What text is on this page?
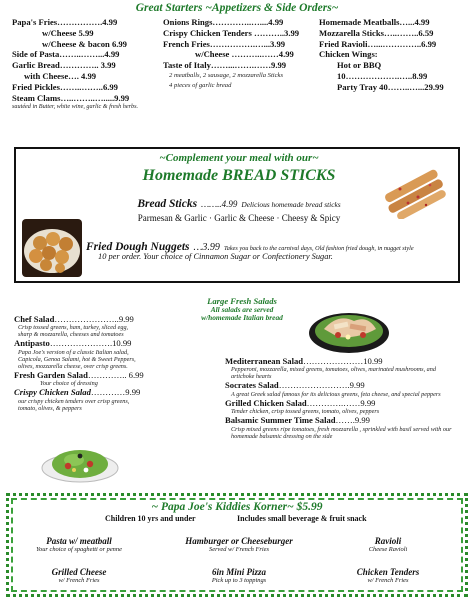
Great Starters ~Appetizers & Side Orders~
Papa's Fries…………….4.99
w/Cheese 5.99
w/Cheese & bacon 6.99
Side of Pasta……..……...4.99
Garlic Bread………….. 3.99
with Cheese…. 4.99
Fried Pickles……..……..6.99
Steam Clams…..……..….....9.99
sautéed in Butter, white wine, garlic & fresh herbs.
Onions Rings…………..…....4.99
Crispy Chicken Tenders ………..3.99
French Fries…………….…...3.99
w/Cheese ………..……4.99
Taste of Italy……...…….……9.99
2 meatballs, 2 sausage, 2 mozzarella Sticks
4 pieces of garlic bread
Homemade Meatballs…...4.99
Mozzarella Sticks…..……..6.59
Fried Ravioli…...…………..6.99
Chicken Wings:
Hot or BBQ
10……………….…..8.99
Party Tray 40……..…...29.99
~Complement your meal with our~
Homemade BREAD STICKS
Bread Sticks ……..4.99 Delicious homemade bread sticks
Parmesan & Garlic · Garlic & Cheese · Cheesy & Spicy
Fried Dough Nuggets …3.99 Takes you back to the carnival days, Old fashion fried dough, in nugget style
10 per order. Your choice of Cinnamon Sugar or Confectionery Sugar.
Large Fresh Salads
All salads are served w/homemade Italian bread
Chef Salad…………………..9.99
Crisp tossed greens, ham, turkey, sliced egg, sharp & mozzarella, cheeses and tomatoes
Antipasto………………….10.99
Papa Joe's version of a classic Italian salad, Capicola, Genoa Salami, hot & Sweet Peppers, olives, mozzarella cheese, over crisp greens.
Fresh Garden Salad………….. 6.99
Your choice of dressing
Crispy Chicken Salad…………9.99
our crispy chicken tenders over crisp greens, tomato, olives, & peppers
Mediterranean Salad…………………10.99
Pepperoni, mozzarella, mixed greens, tomatoes, olives, marinated mushrooms, and artichoke hearts
Socrates Salad…………………….9.99
A great Greek salad famous for its delicious greens, feta cheese, and special peppers
Grilled Chicken Salad………….……9.99
Tender chicken, crisp tossed greens, tomato, olives, peppers
Balsamic Summer Time Salad…….9.99
Crisp mixed greens ripe tomatoes, fresh mozzarella , sprinkled with basil served with our homemade balsamic dressing on the side
~ Papa Joe's Kiddies Korner~ $5.99
Children 10 yrs and under	Includes small beverage & fruit snack
Pasta w/ meatball
Your choice of spaghetti or penne
Hamburger or Cheeseburger
Served w/ French Fries
Ravioli
Cheese Ravioli
Grilled Cheese
w/ French Fries
6in Mini Pizza
Pick up to 3 toppings
Chicken Tenders
w/ French Fries
